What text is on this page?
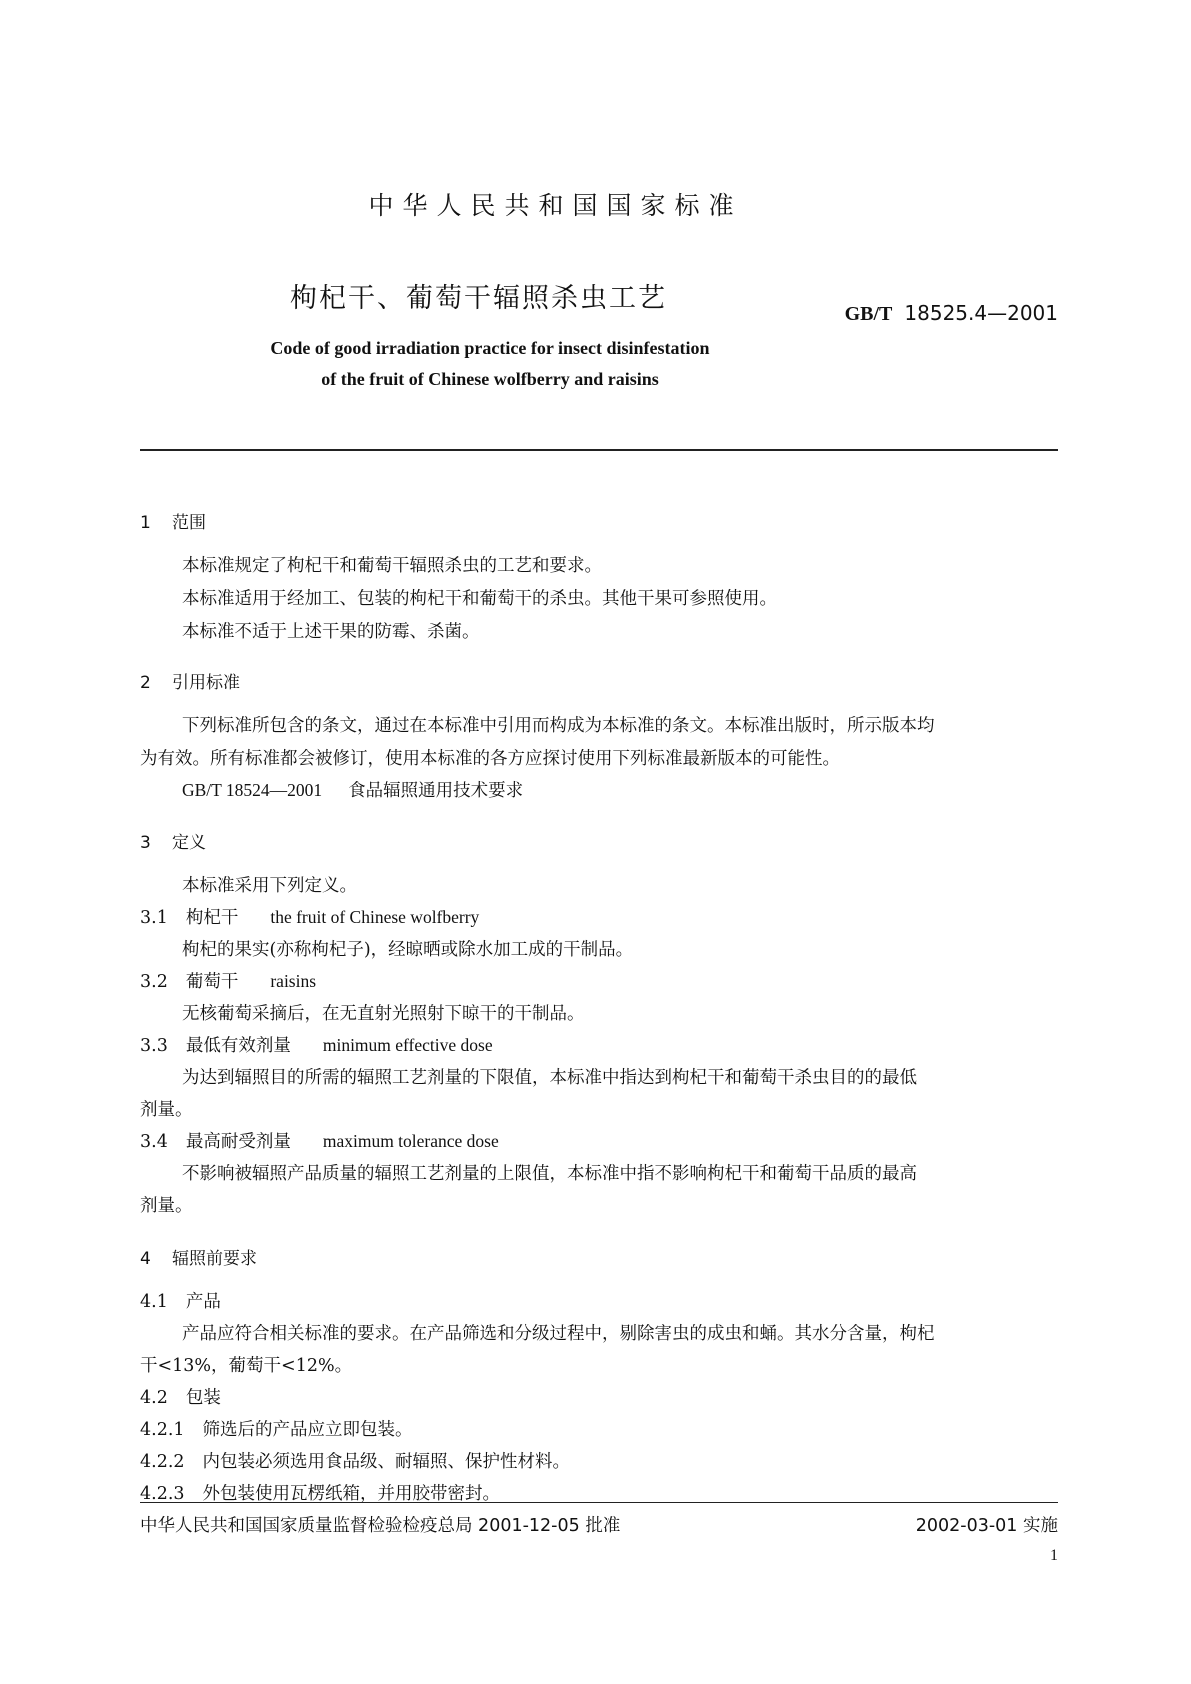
中华人民共和国国家标准
枸杞干、葡萄干辐照杀虫工艺	GB/T 18525.4—2001
Code of good irradiation practice for insect disinfestation
of the fruit of Chinese wolfberry and raisins
1 范围
本标准规定了枸杞干和葡萄干辐照杀虫的工艺和要求。
本标准适用于经加工、包装的枸杞干和葡萄干的杀虫。其他干果可参照使用。
本标准不适于上述干果的防霉、杀菌。
2 引用标准
下列标准所包含的条文，通过在本标准中引用而构成为本标准的条文。本标准出版时，所示版本均
为有效。所有标准都会被修订，使用本标准的各方应探讨使用下列标准最新版本的可能性。
GB/T 18524—2001 食品辐照通用技术要求
3 定义
本标准采用下列定义。
3.1 枸杞干 the fruit of Chinese wolfberry
枸杞的果实(亦称枸杞子)，经晾晒或除水加工成的干制品。
3.2 葡萄干 raisins
无核葡萄采摘后，在无直射光照射下晾干的干制品。
3.3 最低有效剂量 minimum effective dose
为达到辐照目的所需的辐照工艺剂量的下限值，本标准中指达到枸杞干和葡萄干杀虫目的的最低
剂量。
3.4 最高耐受剂量 maximum tolerance dose
不影响被辐照产品质量的辐照工艺剂量的上限值，本标准中指不影响枸杞干和葡萄干品质的最高
剂量。
4 辐照前要求
4.1 产品
产品应符合相关标准的要求。在产品筛选和分级过程中，剔除害虫的成虫和蛹。其水分含量，枸杞
干<13%，葡萄干<12%。
4.2 包装
4.2.1 筛选后的产品应立即包装。
4.2.2 内包装必须选用食品级、耐辐照、保护性材料。
4.2.3 外包装使用瓦楞纸箱，并用胶带密封。
中华人民共和国国家质量监督检验检疫总局 2001-12-05 批准	2002-03-01 实施
1
